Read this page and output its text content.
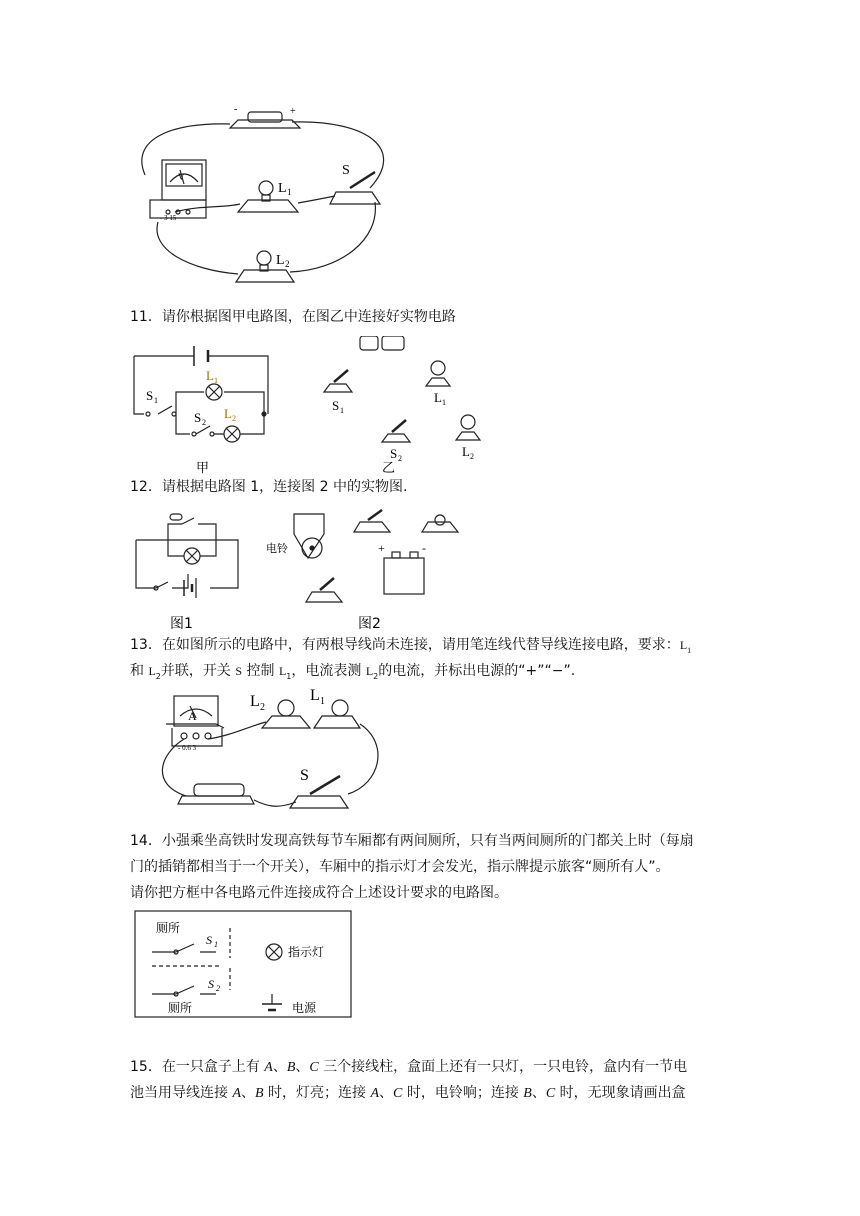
-	+
V
- 3 15
L 1
S
L 2
11．请你根据图甲电路图，在图乙中连接好实物电路
L 1
S 1
S 2
L 2
甲
S 1
S 2
L 1
L 2
乙
12．请根据电路图 1，连接图 2 中的实物图.
电铃	+	-
图1	图2
13．在如图所示的电路中，有两根导线尚未连接，请用笔连线代替导线连接电路，要求：$L_1$
和 $L_2$并联，开关 S 控制 $L_1$，电流表测 $L_2$的电流，并标出电源的“+”“−”.
A
- 0.6 3
L 2
L 1
S
14．小强乘坐高铁时发现高铁每节车厢都有两间厕所，只有当两间厕所的门都关上时（每扇
门的插销都相当于一个开关），车厢中的指示灯才会发光，指示牌提示旅客“厕所有人”。
请你把方框中各电路元件连接成符合上述设计要求的电路图。
厕所
S 1
指示灯
S 2
厕所	电源
15．在一只盒子上有 A、B、C 三个接线柱，盒面上还有一只灯，一只电铃，盒内有一节电
池当用导线连接 A、B 时，灯亮；连接 A、C 时，电铃响；连接 B、C 时，无现象请画出盒
